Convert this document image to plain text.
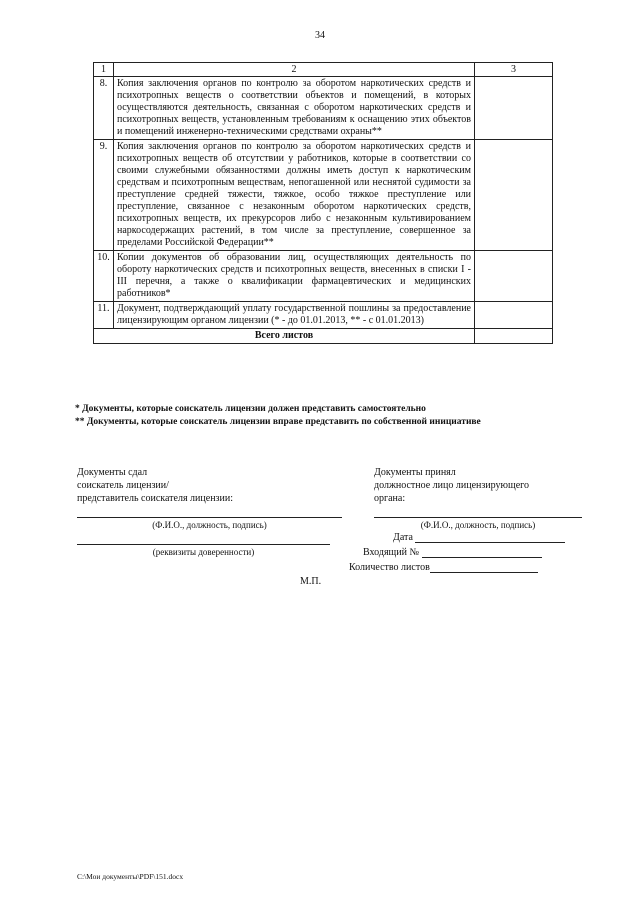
34
1	2	3
8.	Копия заключения органов по контролю за оборотом наркотических средств и психотропных веществ о соответствии объектов и помещений, в которых осуществляются деятельность, связанная с оборотом наркотических средств и психотропных веществ, установленным требованиям к оснащению этих объектов и помещений инженерно-техническими средствами охраны**	
9.	Копия заключения органов по контролю за оборотом наркотических средств и психотропных веществ об отсутствии у работников, которые в соответствии со своими служебными обязанностями должны иметь доступ к наркотическим средствам и психотропным веществам, непогашенной или неснятой судимости за преступление средней тяжести, тяжкое, особо тяжкое преступление или преступление, связанное с незаконным оборотом наркотических средств, психотропных веществ, их прекурсоров либо с незаконным культивированием наркосодержащих растений, в том числе за преступление, совершенное за пределами Российской Федерации**	
10.	Копии документов об образовании лиц, осуществляющих деятельность по обороту наркотических средств и психотропных веществ, внесенных в списки I - III перечня, а также о квалификации фармацевтических и медицинских работников*	
11.	Документ, подтверждающий уплату государственной пошлины за предоставление лицензирующим органом лицензии (* - до 01.01.2013, ** - с 01.01.2013)	
Всего листов		
* Документы, которые соискатель лицензии должен представить самостоятельно
** Документы, которые соискатель лицензии вправе представить по собственной инициативе
Документы сдал
соискатель лицензии/
представитель соискателя лицензии:
Документы принял
должностное лицо лицензирующего
органа:
(Ф.И.О., должность, подпись)	(Ф.И.О., должность, подпись)
(реквизиты доверенности)
Дата
Входящий №
Количество листов
М.П.
C:\Мои документы\PDF\151.docx
